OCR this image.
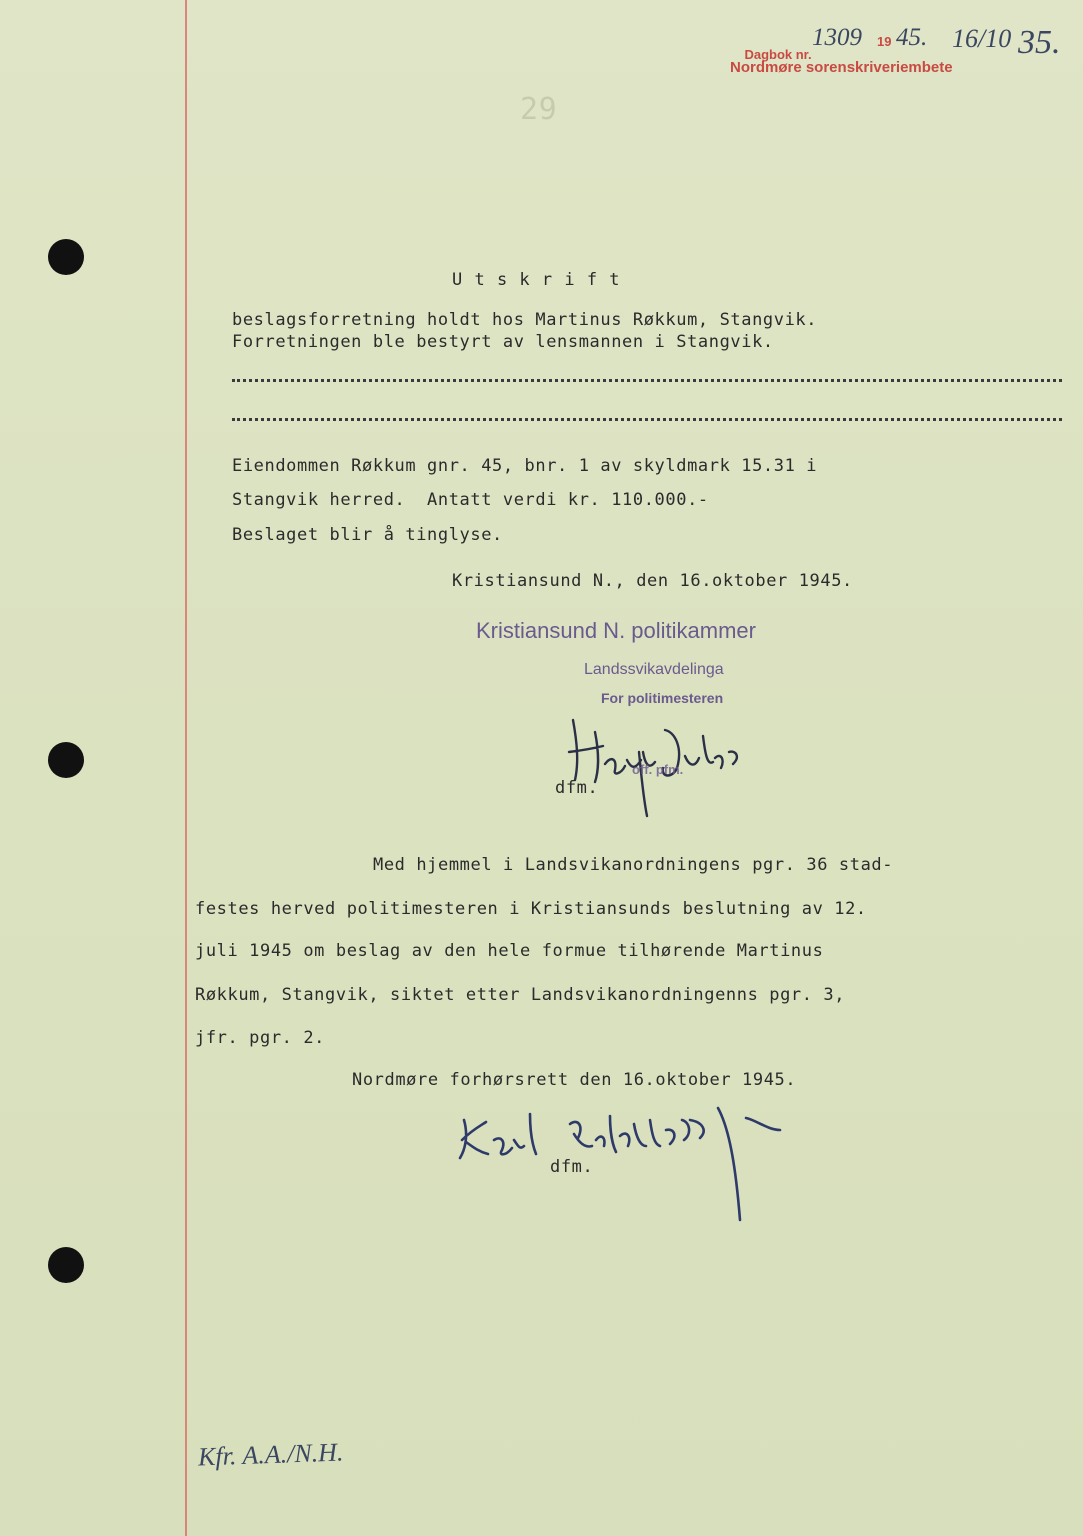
Dagbok nr.

1309 19 45. 16/10 35.
Nordmøre sorenskriveriembete
29
U t s k r i f t
beslagsforretning holdt hos Martinus Røkkum, Stangvik.
Forretningen ble bestyrt av lensmannen i Stangvik.
Eiendommen Røkkum gnr. 45, bnr. 1 av skyldmark 15.31 i
Stangvik herred.  Antatt verdi kr. 110.000.-
Beslaget blir å tinglyse.
Kristiansund N., den 16.oktober 1945.
Kristiansund N. politikammer
Landssvikavdelinga
For politimesteren
off. pfm.
dfm.
Med hjemmel i Landsvikanordningens pgr. 36 stad-
festes herved politimesteren i Kristiansunds beslutning av 12.
juli 1945 om beslag av den hele formue tilhørende Martinus
Røkkum, Stangvik, siktet etter Landsvikanordningenns pgr. 3,
jfr. pgr. 2.
Nordmøre forhørsrett den 16.oktober 1945.
dfm.
Kfr. A.A./N.H.
